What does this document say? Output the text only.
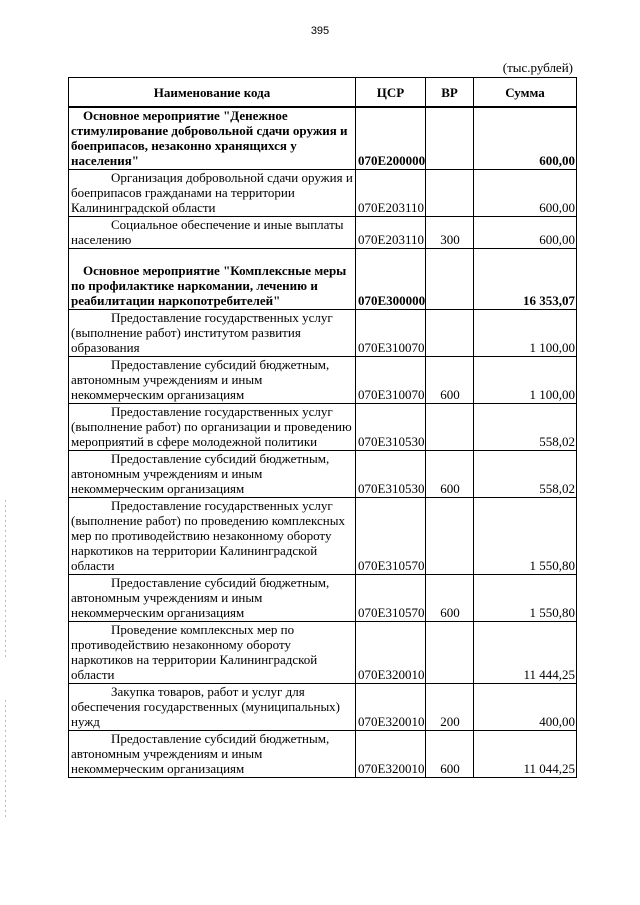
395
(тыс.рублей)
Наименование кода	ЦСР	ВР	Сумма
Основное мероприятие "Денежное стимулирование добровольной сдачи оружия и боеприпасов, незаконно хранящихся у населения"	070Е200000		600,00
Организация добровольной сдачи оружия и боеприпасов гражданами на территории Калининградской области	070Е203110		600,00
Социальное обеспечение и иные выплаты населению	070Е203110	300	600,00
Основное мероприятие "Комплексные меры по профилактике наркомании, лечению и реабилитации наркопотребителей"	070Е300000		16 353,07
Предоставление государственных услуг (выполнение работ) институтом развития образования	070Е310070		1 100,00
Предоставление субсидий бюджетным, автономным учреждениям и иным некоммерческим организациям	070Е310070	600	1 100,00
Предоставление государственных услуг (выполнение работ) по организации и проведению мероприятий в сфере молодежной политики	070Е310530		558,02
Предоставление субсидий бюджетным, автономным учреждениям и иным некоммерческим организациям	070Е310530	600	558,02
Предоставление государственных услуг (выполнение работ) по проведению комплексных мер по противодействию незаконному обороту наркотиков на территории Калининградской области	070Е310570		1 550,80
Предоставление субсидий бюджетным, автономным учреждениям и иным некоммерческим организациям	070Е310570	600	1 550,80
Проведение комплексных мер по противодействию незаконному обороту наркотиков на территории Калининградской области	070Е320010		11 444,25
Закупка товаров, работ и услуг для обеспечения государственных (муниципальных) нужд	070Е320010	200	400,00
Предоставление субсидий бюджетным, автономным учреждениям и иным некоммерческим организациям	070Е320010	600	11 044,25
